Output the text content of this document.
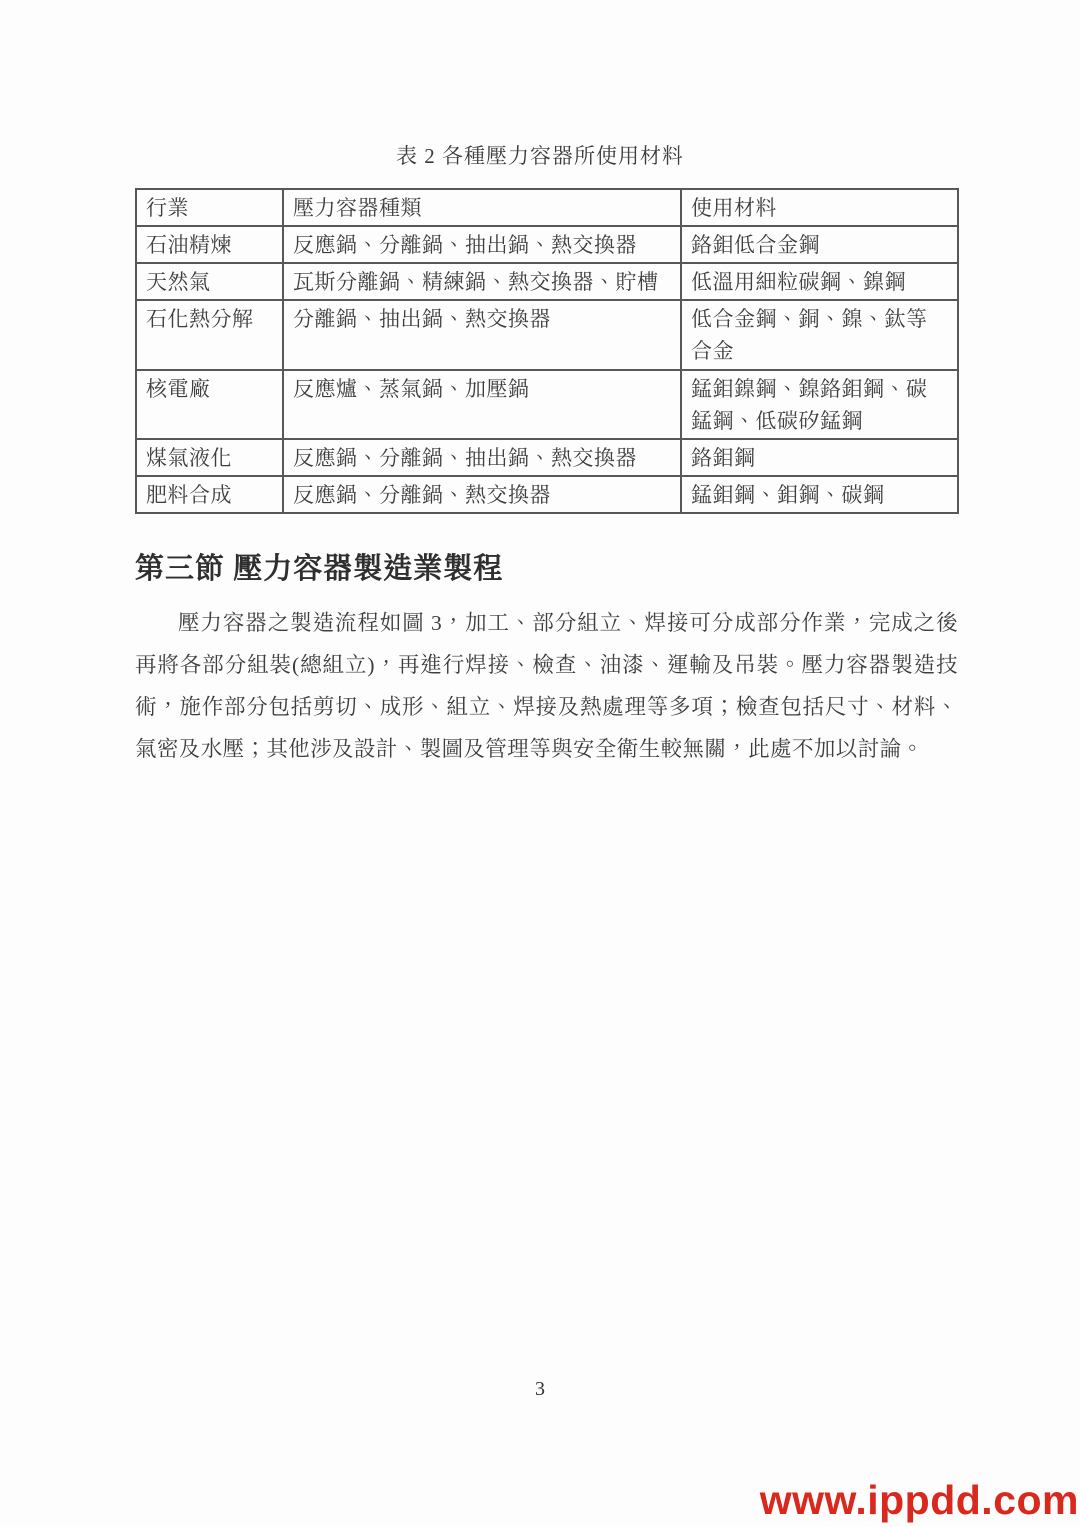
表 2 各種壓力容器所使用材料
行業	壓力容器種類	使用材料
石油精煉	反應鍋、分離鍋、抽出鍋、熱交換器	鉻鉬低合金鋼
天然氣	瓦斯分離鍋、精練鍋、熱交換器、貯槽	低溫用細粒碳鋼、鎳鋼
石化熱分解	分離鍋、抽出鍋、熱交換器	低合金鋼、銅、鎳、鈦等合金
核電廠	反應爐、蒸氣鍋、加壓鍋	錳鉬鎳鋼、鎳鉻鉬鋼、碳錳鋼、低碳矽錳鋼
煤氣液化	反應鍋、分離鍋、抽出鍋、熱交換器	鉻鉬鋼
肥料合成	反應鍋、分離鍋、熱交換器	錳鉬鋼、鉬鋼、碳鋼
第三節 壓力容器製造業製程
壓力容器之製造流程如圖 3，加工、部分組立、焊接可分成部分作業，完成之後再將各部分組裝(總組立)，再進行焊接、檢查、油漆、運輸及吊裝。壓力容器製造技術，施作部分包括剪切、成形、組立、焊接及熱處理等多項；檢查包括尺寸、材料、氣密及水壓；其他涉及設計、製圖及管理等與安全衛生較無關，此處不加以討論。
3
www.ippdd.com
